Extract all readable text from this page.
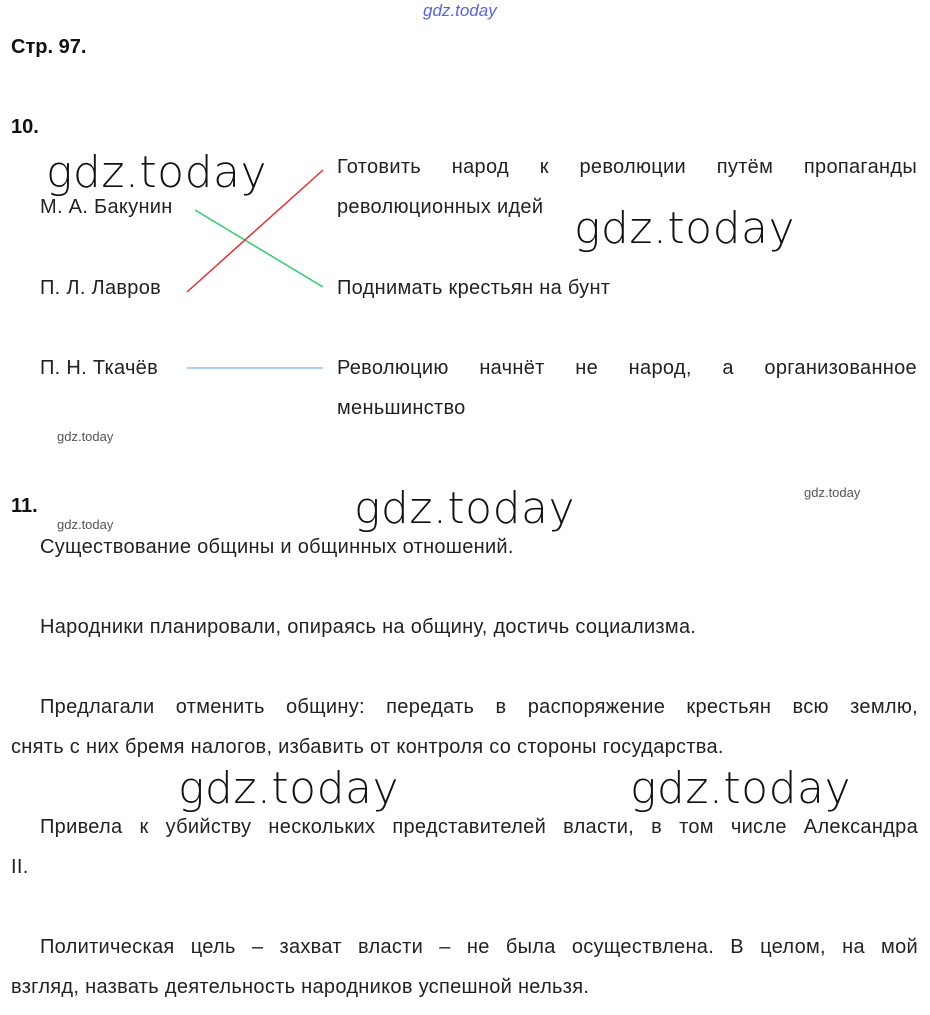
gdz.today
gdz.today
gdz.today
gdz.today
gdz.today	gdz.today
gdz.today
gdz.today	gdz.today
Стр. 97.
10.
М. А. Бакунин
П. Л. Лавров
П. Н. Ткачёв
Готовить народ к революции путём пропаганды
революционных идей
Поднимать крестьян на бунт
Революцию начнёт не народ, а организованное
меньшинство
11.
Существование общины и общинных отношений.
Народники планировали, опираясь на общину, достичь социализма.
Предлагали отменить общину: передать в распоряжение крестьян всю землю,
снять с них бремя налогов, избавить от контроля со стороны государства.
Привела к убийству нескольких представителей власти, в том числе Александра
II.
Политическая цель – захват власти – не была осуществлена. В целом, на мой
взгляд, назвать деятельность народников успешной нельзя.
